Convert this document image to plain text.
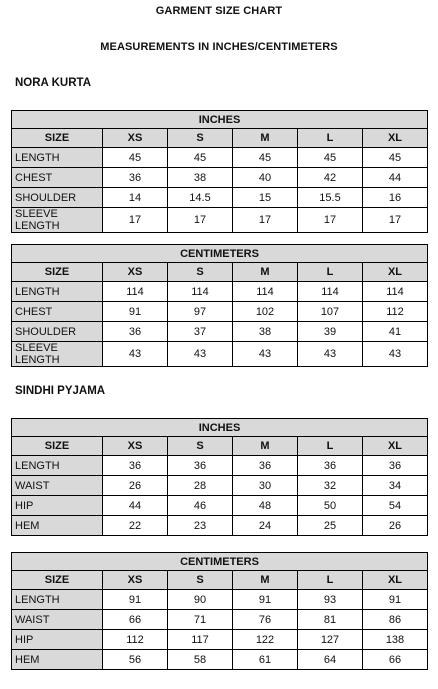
GARMENT SIZE CHART
MEASUREMENTS IN INCHES/CENTIMETERS
NORA KURTA
INCHES					
SIZE	XS	S	M	L	XL
LENGTH	45	45	45	45	45
CHEST	36	38	40	42	44
SHOULDER	14	14.5	15	15.5	16
SLEEVE LENGTH	17	17	17	17	17
CENTIMETERS					
SIZE	XS	S	M	L	XL
LENGTH	114	114	114	114	114
CHEST	91	97	102	107	112
SHOULDER	36	37	38	39	41
SLEEVE LENGTH	43	43	43	43	43
SINDHI PYJAMA
INCHES					
SIZE	XS	S	M	L	XL
LENGTH	36	36	36	36	36
WAIST	26	28	30	32	34
HIP	44	46	48	50	54
HEM	22	23	24	25	26
CENTIMETERS					
SIZE	XS	S	M	L	XL
LENGTH	91	90	91	93	91
WAIST	66	71	76	81	86
HIP	112	117	122	127	138
HEM	56	58	61	64	66
